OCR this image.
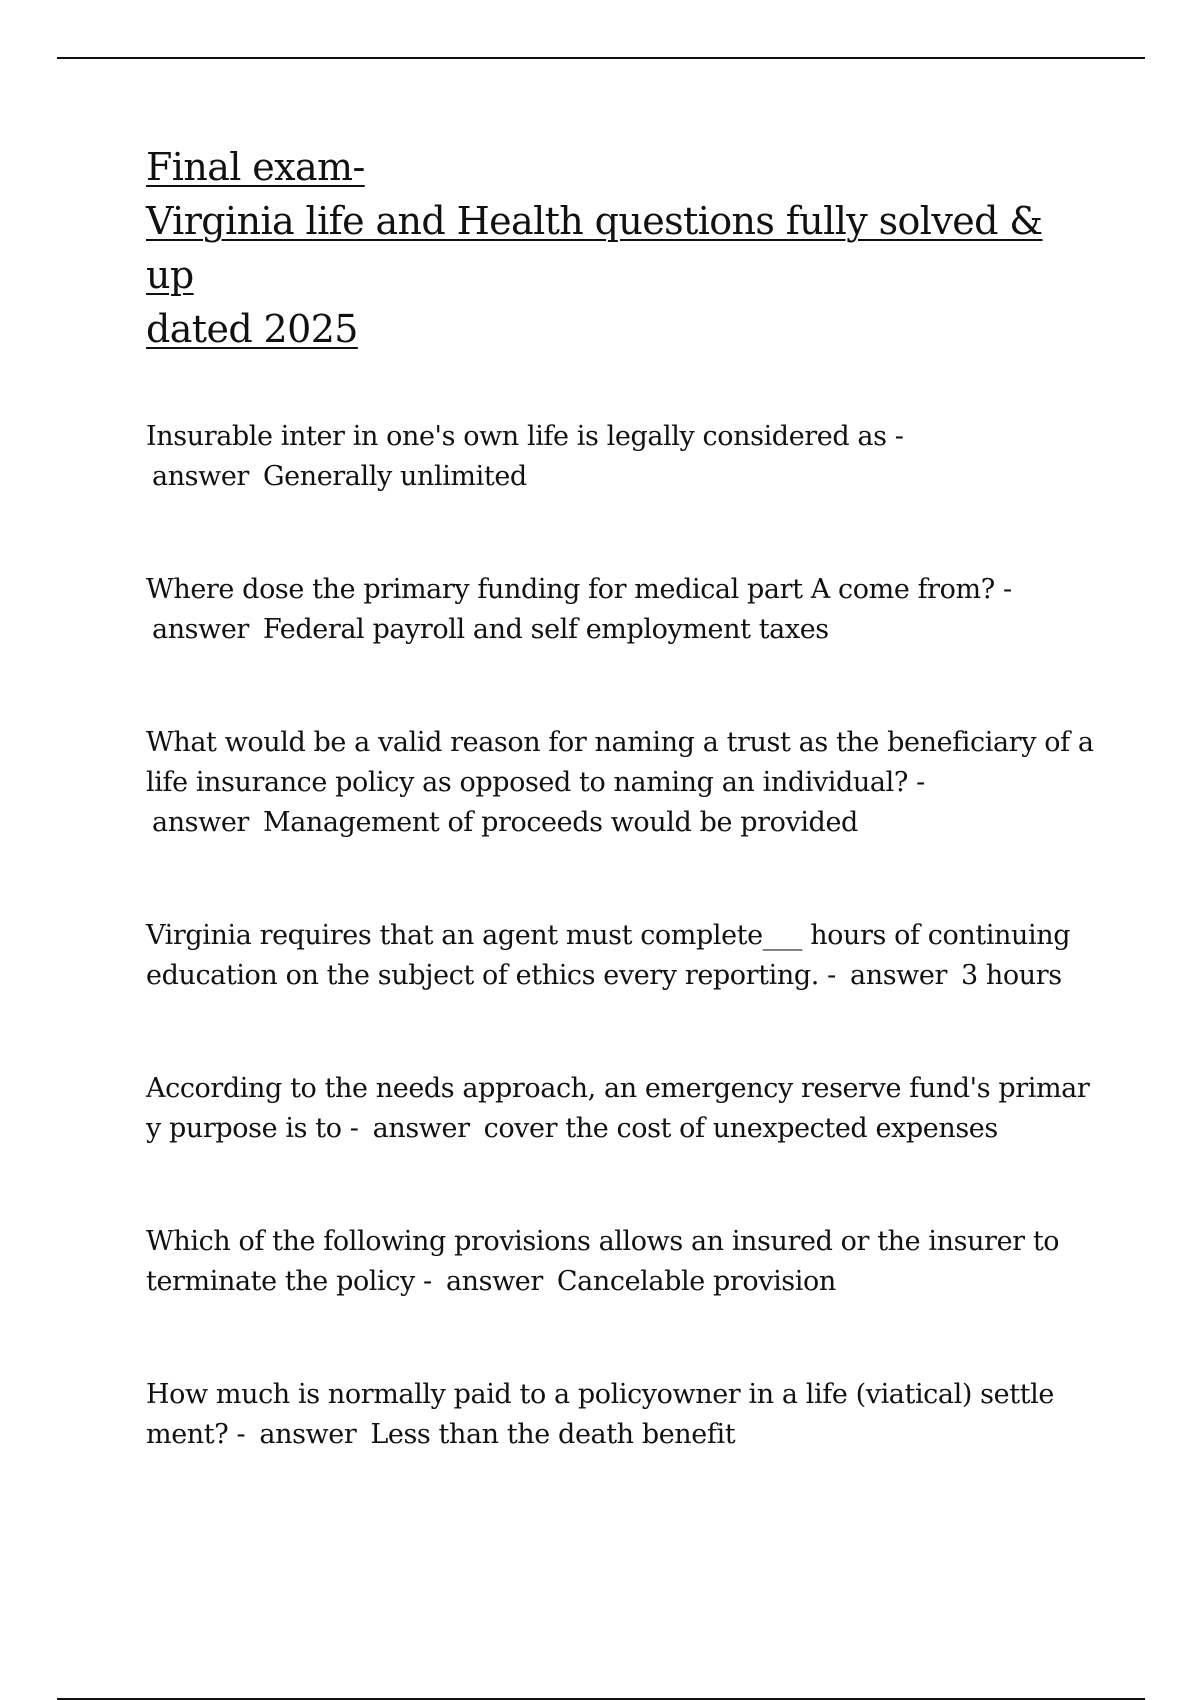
Final exam-
Virginia life and Health questions fully solved & up
dated 2025
Insurable inter in one's own life is legally considered as -
answer Generally unlimited
Where dose the primary funding for medical part A come from? -
answer Federal payroll and self employment taxes
What would be a valid reason for naming a trust as the beneficiary of a life insurance policy as opposed to naming an individual? -
answer Management of proceeds would be provided
Virginia requires that an agent must complete___ hours of continuing education on the subject of ethics every reporting. - answer 3 hours
According to the needs approach, an emergency reserve fund's primar y purpose is to - answer cover the cost of unexpected expenses
Which of the following provisions allows an insured or the insurer to terminate the policy - answer Cancelable provision
How much is normally paid to a policyowner in a life (viatical) settle ment? - answer Less than the death benefit
